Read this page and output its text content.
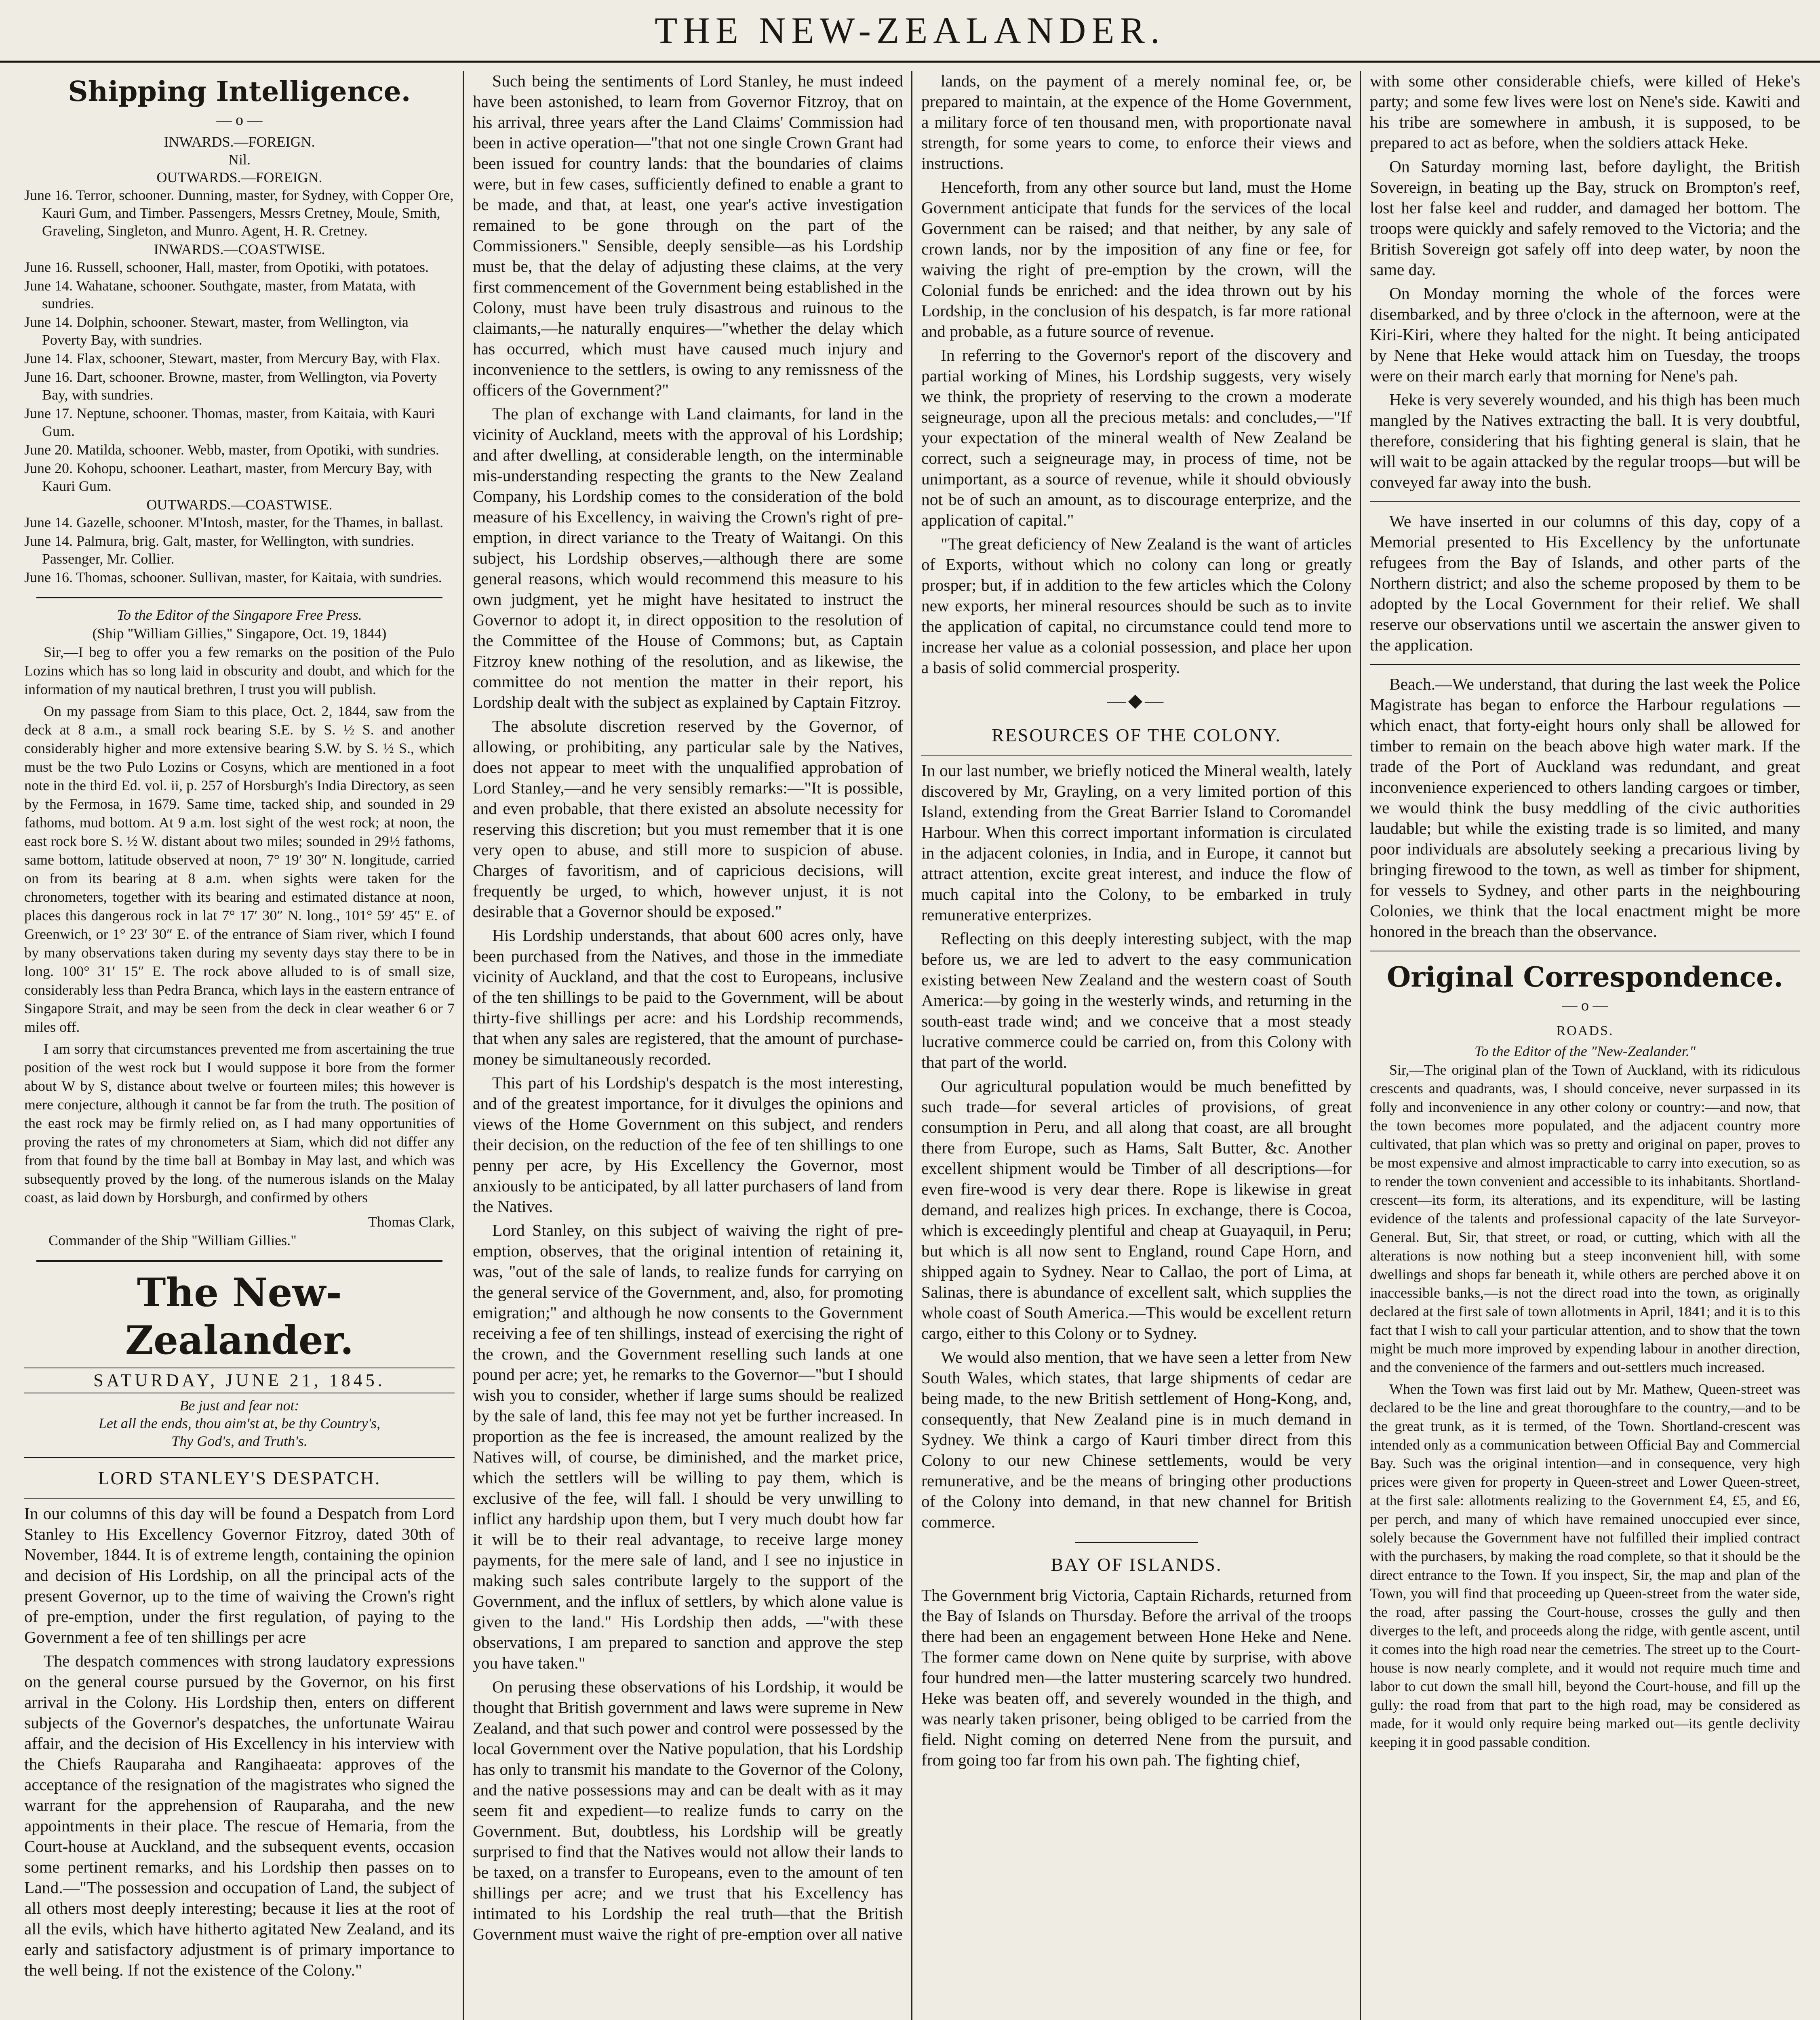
THE NEW-ZEALANDER.
Shipping Intelligence.
— o —
INWARDS.—FOREIGN.
Nil.
OUTWARDS.—FOREIGN.
June 16. Terror, schooner. Dunning, master, for Sydney, with Copper Ore, Kauri Gum, and Timber. Passengers, Messrs Cretney, Moule, Smith, Graveling, Singleton, and Munro. Agent, H. R. Cretney.
INWARDS.—COASTWISE.
June 16. Russell, schooner, Hall, master, from Opotiki, with potatoes.
June 14. Wahatane, schooner. Southgate, master, from Matata, with sundries.
June 14. Dolphin, schooner. Stewart, master, from Wellington, via Poverty Bay, with sundries.
June 14. Flax, schooner, Stewart, master, from Mercury Bay, with Flax.
June 16. Dart, schooner. Browne, master, from Wellington, via Poverty Bay, with sundries.
June 17. Neptune, schooner. Thomas, master, from Kaitaia, with Kauri Gum.
June 20. Matilda, schooner. Webb, master, from Opotiki, with sundries.
June 20. Kohopu, schooner. Leathart, master, from Mercury Bay, with Kauri Gum.
OUTWARDS.—COASTWISE.
June 14. Gazelle, schooner. M'Intosh, master, for the Thames, in ballast.
June 14. Palmura, brig. Galt, master, for Wellington, with sundries. Passenger, Mr. Collier.
June 16. Thomas, schooner. Sullivan, master, for Kaitaia, with sundries.
To the Editor of the Singapore Free Press.
(Ship "William Gillies," Singapore, Oct. 19, 1844)

Sir,—I beg to offer you a few remarks on the position of the Pulo Lozins which has so long laid in obscurity and doubt, and which for the information of my nautical brethren, I trust you will publish.

On my passage from Siam to this place, Oct. 2, 1844, saw from the deck at 8 a.m., a small rock bearing S.E. by S. ½ S. and another considerably higher and more extensive bearing S.W. by S. ½ S., which must be the two Pulo Lozins or Cosyns, which are mentioned in a foot note in the third Ed. vol. ii, p. 257 of Horsburgh's India Directory, as seen by the Fermosa, in 1679. Same time, tacked ship, and sounded in 29 fathoms, mud bottom. At 9 a.m. lost sight of the west rock; at noon, the east rock bore S. ½ W. distant about two miles; sounded in 29½ fathoms, same bottom, latitude observed at noon, 7° 19′ 30″ N. longitude, carried on from its bearing at 8 a.m. when sights were taken for the chronometers, together with its bearing and estimated distance at noon, places this dangerous rock in lat 7° 17′ 30″ N. long., 101° 59′ 45″ E. of Greenwich, or 1° 23′ 30″ E. of the entrance of Siam river, which I found by many observations taken during my seventy days stay there to be in long. 100° 31′ 15″ E. The rock above alluded to is of small size, considerably less than Pedra Branca, which lays in the eastern entrance of Singapore Strait, and may be seen from the deck in clear weather 6 or 7 miles off.

I am sorry that circumstances prevented me from ascertaining the true position of the west rock but I would suppose it bore from the former about W by S, distance about twelve or fourteen miles; this however is mere conjecture, although it cannot be far from the truth. The position of the east rock may be firmly relied on, as I had many opportunities of proving the rates of my chronometers at Siam, which did not differ any from that found by the time ball at Bombay in May last, and which was subsequently proved by the long. of the numerous islands on the Malay coast, as laid down by Horsburgh, and confirmed by others

Thomas Clark,
Commander of the Ship "William Gillies."
The New-Zealander.
SATURDAY, JUNE 21, 1845.
Be just and fear not:
Let all the ends, thou aim'st at, be thy Country's,
Thy God's, and Truth's.
LORD STANLEY'S DESPATCH.

In our columns of this day will be found a Despatch from Lord Stanley to His Excellency Governor Fitzroy, dated 30th of November, 1844. It is of extreme length, containing the opinion and decision of His Lordship, on all the principal acts of the present Governor, up to the time of waiving the Crown's right of pre-emption, under the first regulation, of paying to the Government a fee of ten shillings per acre

The despatch commences with strong laudatory expressions on the general course pursued by the Governor, on his first arrival in the Colony. His Lordship then, enters on different subjects of the Governor's despatches, the unfortunate Wairau affair, and the decision of His Excellency in his interview with the Chiefs Rauparaha and Rangihaeata: approves of the acceptance of the resignation of the magistrates who signed the warrant for the apprehension of Rauparaha, and the new appointments in their place. The rescue of Hemaria, from the Court-house at Auckland, and the subsequent events, occasion some pertinent remarks, and his Lordship then passes on to Land.—"The possession and occupation of Land, the subject of all others most deeply interesting; because it lies at the root of all the evils, which have hitherto agitated New Zealand, and its early and satisfactory adjustment is of primary importance to the well being. If not the existence of the Colony."

Such being the sentiments of Lord Stanley, he must indeed have been astonished, to learn from Governor Fitzroy, that on his arrival, three years after the Land Claims' Commission had been in active operation—"that not one single Crown Grant had been issued for country lands: that the boundaries of claims were, but in few cases, sufficiently defined to enable a grant to be made, and that, at least, one year's active investigation remained to be gone through on the part of the Commissioners." Sensible, deeply sensible—as his Lordship must be, that the delay of adjusting these claims, at the very first commencement of the Government being established in the Colony, must have been truly disastrous and ruinous to the claimants,—he naturally enquires—"whether the delay which has occurred, which must have caused much injury and inconvenience to the settlers, is owing to any remissness of the officers of the Government?"

The plan of exchange with Land claimants, for land in the vicinity of Auckland, meets with the approval of his Lordship; and after dwelling, at considerable length, on the interminable mis-understanding respecting the grants to the New Zealand Company, his Lordship comes to the consideration of the bold measure of his Excellency, in waiving the Crown's right of pre-emption, in direct variance to the Treaty of Waitangi. On this subject, his Lordship observes,—although there are some general reasons, which would recommend this measure to his own judgment, yet he might have hesitated to instruct the Governor to adopt it, in direct opposition to the resolution of the Committee of the House of Commons; but, as Captain Fitzroy knew nothing of the resolution, and as likewise, the committee do not mention the matter in their report, his Lordship dealt with the subject as explained by Captain Fitzroy.

The absolute discretion reserved by the Governor, of allowing, or prohibiting, any particular sale by the Natives, does not appear to meet with the unqualified approbation of Lord Stanley,—and he very sensibly remarks:—"It is possible, and even probable, that there existed an absolute necessity for reserving this discretion; but you must remember that it is one very open to abuse, and still more to suspicion of abuse. Charges of favoritism, and of capricious decisions, will frequently be urged, to which, however unjust, it is not desirable that a Governor should be exposed."

His Lordship understands, that about 600 acres only, have been purchased from the Natives, and those in the immediate vicinity of Auckland, and that the cost to Europeans, inclusive of the ten shillings to be paid to the Government, will be about thirty-five shillings per acre: and his Lordship recommends, that when any sales are registered, that the amount of purchase-money be simultaneously recorded.

This part of his Lordship's despatch is the most interesting, and of the greatest importance, for it divulges the opinions and views of the Home Government on this subject, and renders their decision, on the reduction of the fee of ten shillings to one penny per acre, by His Excellency the Governor, most anxiously to be anticipated, by all latter purchasers of land from the Natives.

Lord Stanley, on this subject of waiving the right of pre-emption, observes, that the original intention of retaining it, was, "out of the sale of lands, to realize funds for carrying on the general service of the Government, and, also, for promoting emigration;" and although he now consents to the Government receiving a fee of ten shillings, instead of exercising the right of the crown, and the Government reselling such lands at one pound per acre; yet, he remarks to the Governor—"but I should wish you to consider, whether if large sums should be realized by the sale of land, this fee may not yet be further increased. In proportion as the fee is increased, the amount realized by the Natives will, of course, be diminished, and the market price, which the settlers will be willing to pay them, which is exclusive of the fee, will fall. I should be very unwilling to inflict any hardship upon them, but I very much doubt how far it will be to their real advantage, to receive large money payments, for the mere sale of land, and I see no injustice in making such sales contribute largely to the support of the Government, and the influx of settlers, by which alone value is given to the land." His Lordship then adds, —"with these observations, I am prepared to sanction and approve the step you have taken."

On perusing these observations of his Lordship, it would be thought that British government and laws were supreme in New Zealand, and that such power and control were possessed by the local Government over the Native population, that his Lordship has only to transmit his mandate to the Governor of the Colony, and the native possessions may and can be dealt with as it may seem fit and expedient—to realize funds to carry on the Government. But, doubtless, his Lordship will be greatly surprised to find that the Natives would not allow their lands to be taxed, on a transfer to Europeans, even to the amount of ten shillings per acre; and we trust that his Excellency has intimated to his Lordship the real truth—that the British Government must waive the right of pre-emption over all native

lands, on the payment of a merely nominal fee, or, be prepared to maintain, at the expence of the Home Government, a military force of ten thousand men, with proportionate naval strength, for some years to come, to enforce their views and instructions.

Henceforth, from any other source but land, must the Home Government anticipate that funds for the services of the local Government can be raised; and that neither, by any sale of crown lands, nor by the imposition of any fine or fee, for waiving the right of pre-emption by the crown, will the Colonial funds be enriched: and the idea thrown out by his Lordship, in the conclusion of his despatch, is far more rational and probable, as a future source of revenue.

In referring to the Governor's report of the discovery and partial working of Mines, his Lordship suggests, very wisely we think, the propriety of reserving to the crown a moderate seigneurage, upon all the precious metals: and concludes,—"If your expectation of the mineral wealth of New Zealand be correct, such a seigneurage may, in process of time, not be unimportant, as a source of revenue, while it should obviously not be of such an amount, as to discourage enterprize, and the application of capital."

"The great deficiency of New Zealand is the want of articles of Exports, without which no colony can long or greatly prosper; but, if in addition to the few articles which the Colony new exports, her mineral resources should be such as to invite the application of capital, no circumstance could tend more to increase her value as a colonial possession, and place her upon a basis of solid commercial prosperity.

—◆—
RESOURCES OF THE COLONY.

In our last number, we briefly noticed the Mineral wealth, lately discovered by Mr, Grayling, on a very limited portion of this Island, extending from the Great Barrier Island to Coromandel Harbour. When this correct important information is circulated in the adjacent colonies, in India, and in Europe, it cannot but attract attention, excite great interest, and induce the flow of much capital into the Colony, to be embarked in truly remunerative enterprizes.

Reflecting on this deeply interesting subject, with the map before us, we are led to advert to the easy communication existing between New Zealand and the western coast of South America:—by going in the westerly winds, and returning in the south-east trade wind; and we conceive that a most steady lucrative commerce could be carried on, from this Colony with that part of the world.

Our agricultural population would be much benefitted by such trade—for several articles of provisions, of great consumption in Peru, and all along that coast, are all brought there from Europe, such as Hams, Salt Butter, &c. Another excellent shipment would be Timber of all descriptions—for even fire-wood is very dear there. Rope is likewise in great demand, and realizes high prices. In exchange, there is Cocoa, which is exceedingly plentiful and cheap at Guayaquil, in Peru; but which is all now sent to England, round Cape Horn, and shipped again to Sydney. Near to Callao, the port of Lima, at Salinas, there is abundance of excellent salt, which supplies the whole coast of South America.—This would be excellent return cargo, either to this Colony or to Sydney.

We would also mention, that we have seen a letter from New South Wales, which states, that large shipments of cedar are being made, to the new British settlement of Hong-Kong, and, consequently, that New Zealand pine is in much demand in Sydney. We think a cargo of Kauri timber direct from this Colony to our new Chinese settlements, would be very remunerative, and be the means of bringing other productions of the Colony into demand, in that new channel for British commerce.

BAY OF ISLANDS.

The Government brig Victoria, Captain Richards, returned from the Bay of Islands on Thursday. Before the arrival of the troops there had been an engagement between Hone Heke and Nene. The former came down on Nene quite by surprise, with above four hundred men—the latter mustering scarcely two hundred. Heke was beaten off, and severely wounded in the thigh, and was nearly taken prisoner, being obliged to be carried from the field. Night coming on deterred Nene from the pursuit, and from going too far from his own pah. The fighting chief,

with some other considerable chiefs, were killed of Heke's party; and some few lives were lost on Nene's side. Kawiti and his tribe are somewhere in ambush, it is supposed, to be prepared to act as before, when the soldiers attack Heke.

On Saturday morning last, before daylight, the British Sovereign, in beating up the Bay, struck on Brompton's reef, lost her false keel and rudder, and damaged her bottom. The troops were quickly and safely removed to the Victoria; and the British Sovereign got safely off into deep water, by noon the same day.

On Monday morning the whole of the forces were disembarked, and by three o'clock in the afternoon, were at the Kiri-Kiri, where they halted for the night. It being anticipated by Nene that Heke would attack him on Tuesday, the troops were on their march early that morning for Nene's pah.

Heke is very severely wounded, and his thigh has been much mangled by the Natives extracting the ball. It is very doubtful, therefore, considering that his fighting general is slain, that he will wait to be again attacked by the regular troops—but will be conveyed far away into the bush.

We have inserted in our columns of this day, copy of a Memorial presented to His Excellency by the unfortunate refugees from the Bay of Islands, and other parts of the Northern district; and also the scheme proposed by them to be adopted by the Local Government for their relief. We shall reserve our observations until we ascertain the answer given to the application.

Beach.—We understand, that during the last week the Police Magistrate has began to enforce the Harbour regulations —which enact, that forty-eight hours only shall be allowed for timber to remain on the beach above high water mark. If the trade of the Port of Auckland was redundant, and great inconvenience experienced to others landing cargoes or timber, we would think the busy meddling of the civic authorities laudable; but while the existing trade is so limited, and many poor individuals are absolutely seeking a precarious living by bringing firewood to the town, as well as timber for shipment, for vessels to Sydney, and other parts in the neighbouring Colonies, we think that the local enactment might be more honored in the breach than the observance.

Original Correspondence.
— o —
ROADS.
To the Editor of the "New-Zealander."

Sir,—The original plan of the Town of Auckland, with its ridiculous crescents and quadrants, was, I should conceive, never surpassed in its folly and inconvenience in any other colony or country:—and now, that the town becomes more populated, and the adjacent country more cultivated, that plan which was so pretty and original on paper, proves to be most expensive and almost impracticable to carry into execution, so as to render the town convenient and accessible to its inhabitants. Shortland-crescent—its form, its alterations, and its expenditure, will be lasting evidence of the talents and professional capacity of the late Surveyor-General. But, Sir, that street, or road, or cutting, which with all the alterations is now nothing but a steep inconvenient hill, with some dwellings and shops far beneath it, while others are perched above it on inaccessible banks,—is not the direct road into the town, as originally declared at the first sale of town allotments in April, 1841; and it is to this fact that I wish to call your particular attention, and to show that the town might be much more improved by expending labour in another direction, and the convenience of the farmers and out-settlers much increased.

When the Town was first laid out by Mr. Mathew, Queen-street was declared to be the line and great thoroughfare to the country,—and to be the great trunk, as it is termed, of the Town. Shortland-crescent was intended only as a communication between Official Bay and Commercial Bay. Such was the original intention—and in consequence, very high prices were given for property in Queen-street and Lower Queen-street, at the first sale: allotments realizing to the Government £4, £5, and £6, per perch, and many of which have remained unoccupied ever since, solely because the Government have not fulfilled their implied contract with the purchasers, by making the road complete, so that it should be the direct entrance to the Town. If you inspect, Sir, the map and plan of the Town, you will find that proceeding up Queen-street from the water side, the road, after passing the Court-house, crosses the gully and then diverges to the left, and proceeds along the ridge, with gentle ascent, until it comes into the high road near the cemetries. The street up to the Court-house is now nearly complete, and it would not require much time and labor to cut down the small hill, beyond the Court-house, and fill up the gully: the road from that part to the high road, may be considered as made, for it would only require being marked out—its gentle declivity keeping it in good passable condition.
